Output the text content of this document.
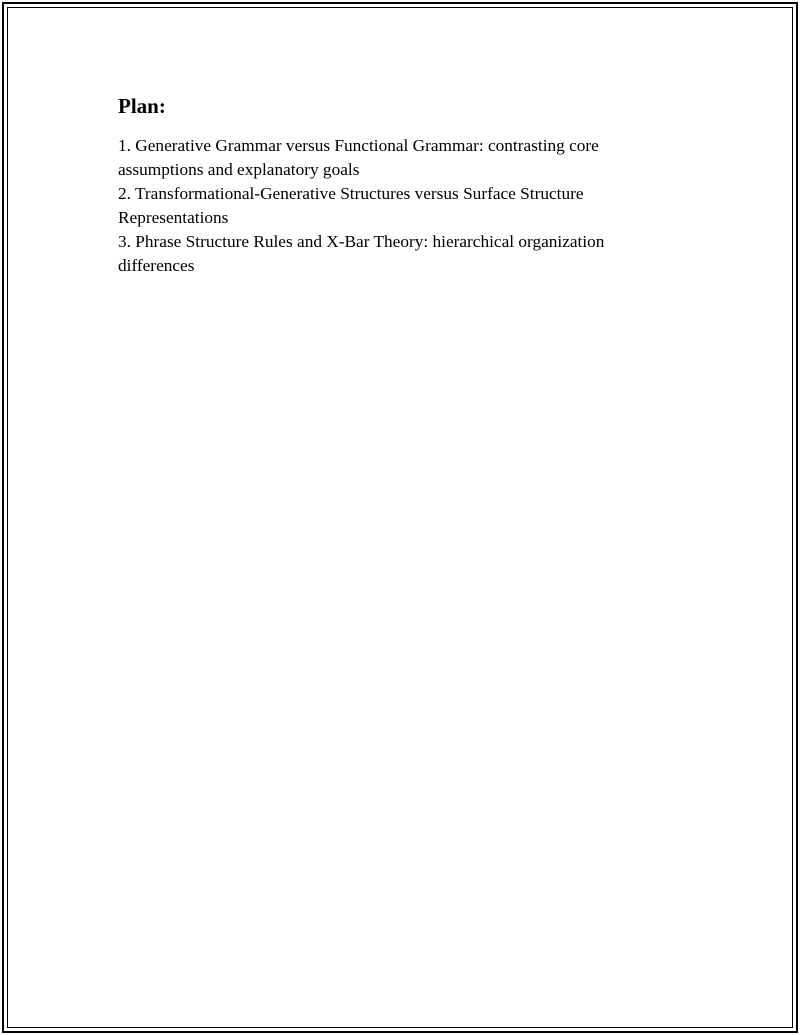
Plan:
1. Generative Grammar versus Functional Grammar: contrasting core assumptions and explanatory goals
2. Transformational-Generative Structures versus Surface Structure Representations
3. Phrase Structure Rules and X-Bar Theory: hierarchical organization differences
